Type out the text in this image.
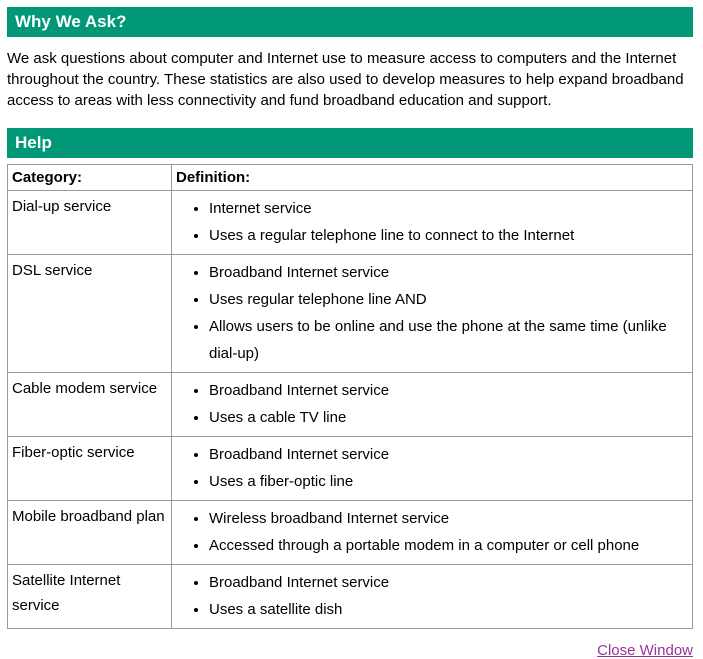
Why We Ask?

We ask questions about computer and Internet use to measure access to computers and the Internet throughout the country. These statistics are also used to develop measures to help expand broadband access to areas with less connectivity and fund broadband education and support.

Help
Category:	Definition:
Dial-up service	
•Internet service
• Uses a regular telephone line to connect to the Internet

DSL service	
•Broadband Internet service
• Uses regular telephone line AND
• Allows users to be online and use the phone at the same time (unlike dial-up)

Cable modem service	
•Broadband Internet service
• Uses a cable TV line

Fiber-optic service	
•Broadband Internet service
• Uses a fiber-optic line

Mobile broadband plan	
•Wireless broadband Internet service
• Accessed through a portable modem in a computer or cell phone

Satellite Internet service	
• Broadband Internet service
• Uses a satellite dish
Close Window
